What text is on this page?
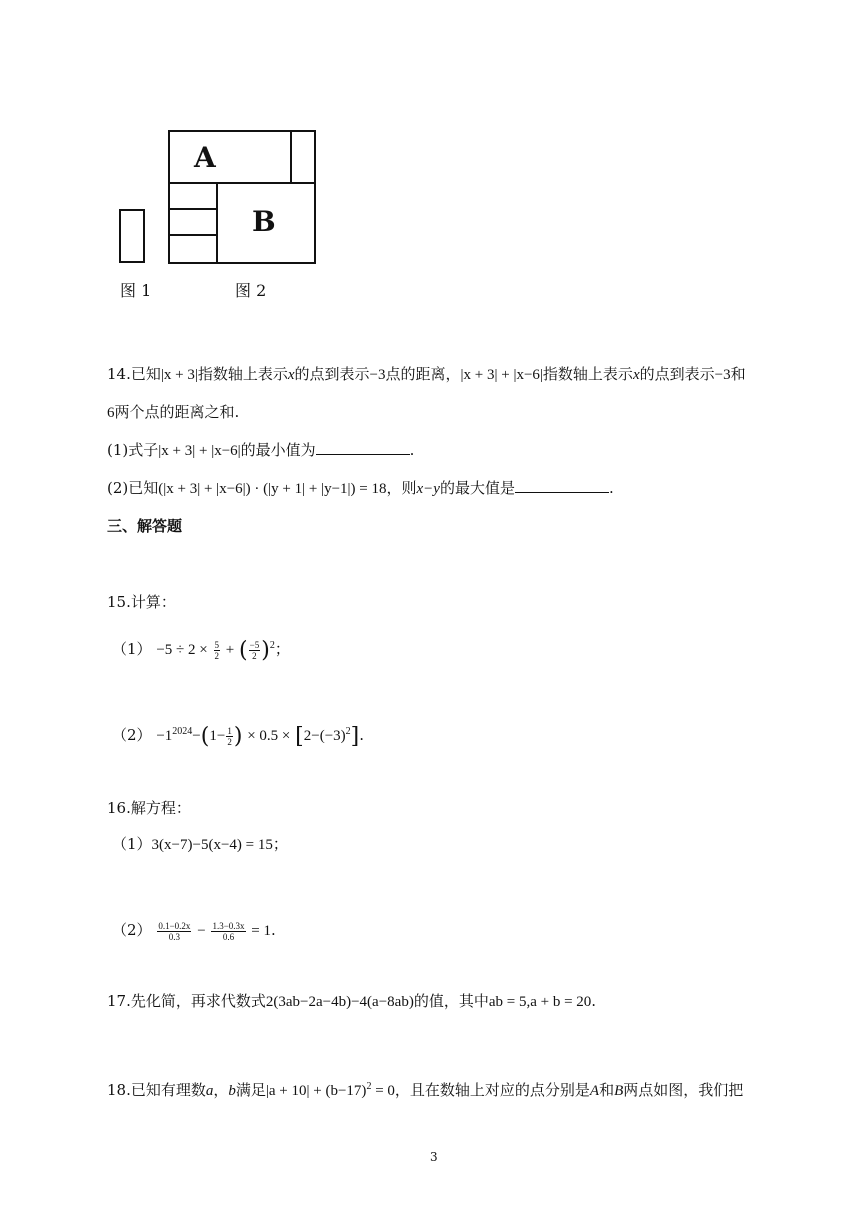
A
B
图 1	图 2
14.已知|x + 3|指数轴上表示x的点到表示−3点的距离，|x + 3| + |x−6|指数轴上表示x的点到表示−3和
6两个点的距离之和.
(1)式子|x + 3| + |x−6|的最小值为	.
(2)已知(|x + 3| + |x−6|) · (|y + 1| + |y−1|) = 18，则x−y的最大值是	.
三、解答题
15.计算：
$(1) -5 \div 2 \times \frac{5}{2}$ + ( $\frac{-5}{2} )^2$；
$(2) -1^{2024}-(1- \frac{1}{2}$ ) × $0.5 \times [2-(-3)^2]$.
16.解方程：
（1）3(x−7)−5(x−4) = 15；
$(2) \frac{0.1-0.2x}{0.3} - \frac{1.3-0.3x}{0.6} = 1$.
17.先化简，再求代数式2(3ab−2a−4b)−4(a−8ab)的值，其中ab = 5,a + b = 20.
18.已知有理数a，b满足$|a + 10| + (b-17)^2 = 0$，且在数轴上对应的点分别是A和B两点如图，我们把
3
